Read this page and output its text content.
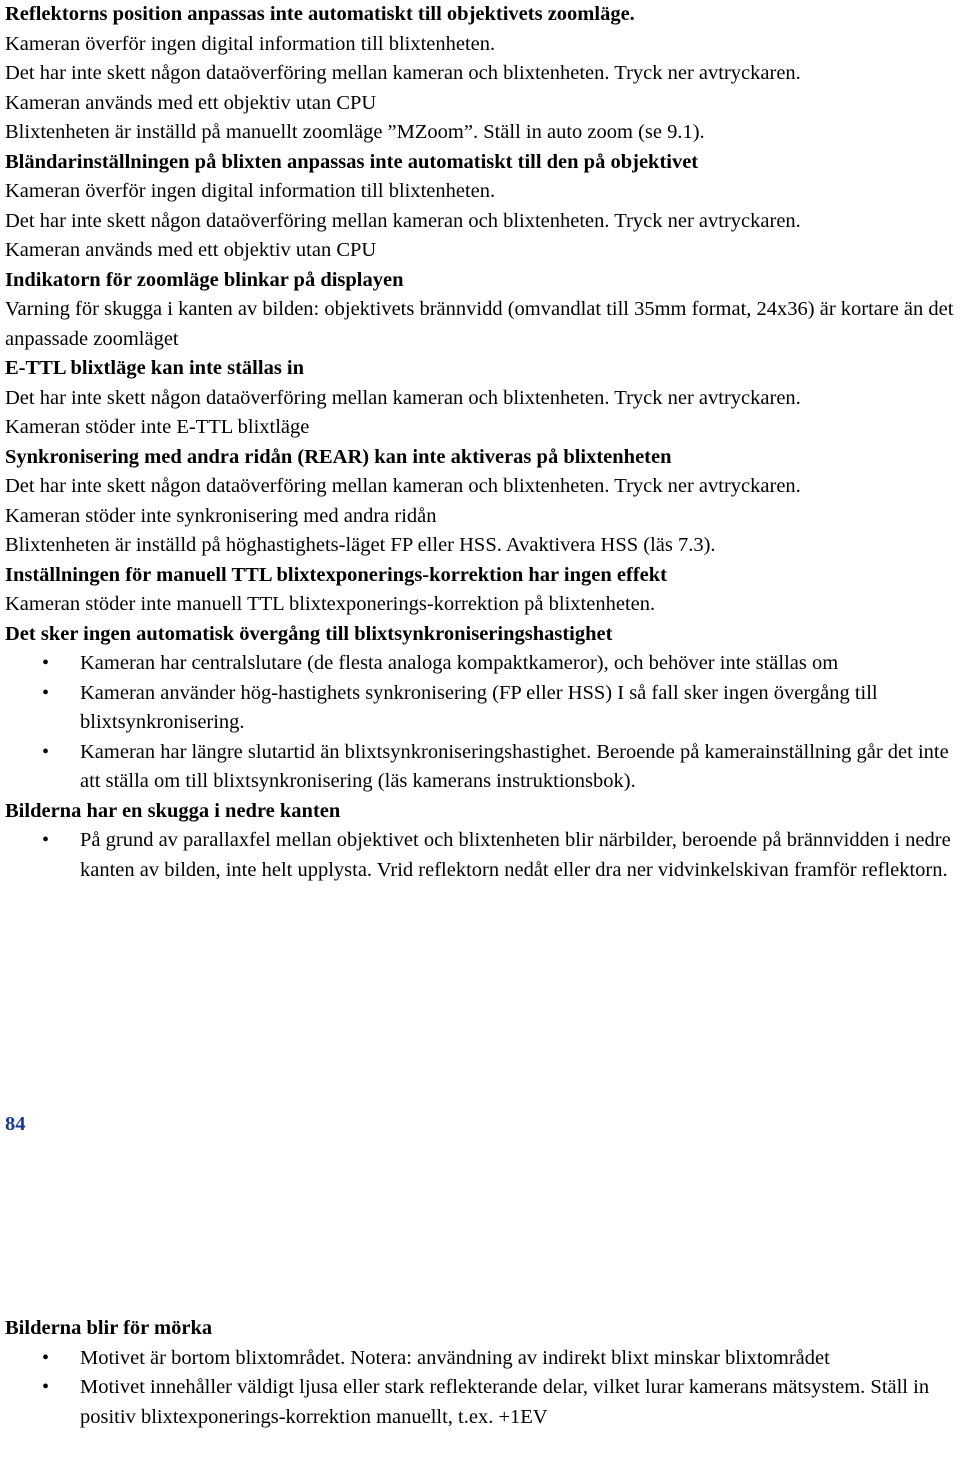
Reflektorns position anpassas inte automatiskt till objektivets zoomläge.
Kameran överför ingen digital information till blixtenheten.
Det har inte skett någon dataöverföring mellan kameran och blixtenheten. Tryck ner avtryckaren.
Kameran används med ett objektiv utan CPU
Blixtenheten är inställd på manuellt zoomläge ”MZoom”. Ställ in auto zoom (se 9.1).
Bländarinställningen på blixten anpassas inte automatiskt till den på objektivet
Kameran överför ingen digital information till blixtenheten.
Det har inte skett någon dataöverföring mellan kameran och blixtenheten. Tryck ner avtryckaren.
Kameran används med ett objektiv utan CPU
Indikatorn för zoomläge blinkar på displayen
Varning för skugga i kanten av bilden: objektivets brännvidd (omvandlat till 35mm format, 24x36) är kortare än det anpassade zoomläget
E-TTL blixtläge kan inte ställas in
Det har inte skett någon dataöverföring mellan kameran och blixtenheten. Tryck ner avtryckaren.
Kameran stöder inte E-TTL blixtläge
Synkronisering med andra ridån (REAR) kan inte aktiveras på blixtenheten
Det har inte skett någon dataöverföring mellan kameran och blixtenheten. Tryck ner avtryckaren.
Kameran stöder inte synkronisering med andra ridån
Blixtenheten är inställd på höghastighets-läget FP eller HSS. Avaktivera HSS (läs 7.3).
Inställningen för manuell TTL blixtexponerings-korrektion har ingen effekt
Kameran stöder inte manuell TTL blixtexponerings-korrektion på blixtenheten.
Det sker ingen automatisk övergång till blixtsynkroniseringshastighet
• Kameran har centralslutare (de flesta analoga kompaktkameror), och behöver inte ställas om
• Kameran använder hög-hastighets synkronisering (FP eller HSS) I så fall sker ingen övergång till blixtsynkronisering.
• Kameran har längre slutartid än blixtsynkroniseringshastighet. Beroende på kamerainställning går det inte att ställa om till blixtsynkronisering (läs kamerans instruktionsbok).
Bilderna har en skugga i nedre kanten
• På grund av parallaxfel mellan objektivet och blixtenheten blir närbilder, beroende på brännvidden i nedre kanten av bilden, inte helt upplysta. Vrid reflektorn nedåt eller dra ner vidvinkelskivan framför reflektorn.
84
Bilderna blir för mörka
• Motivet är bortom blixtområdet. Notera: användning av indirekt blixt minskar blixtområdet
• Motivet innehåller väldigt ljusa eller stark reflekterande delar, vilket lurar kamerans mätsystem. Ställ in positiv blixtexponerings-korrektion manuellt, t.ex. +1EV
